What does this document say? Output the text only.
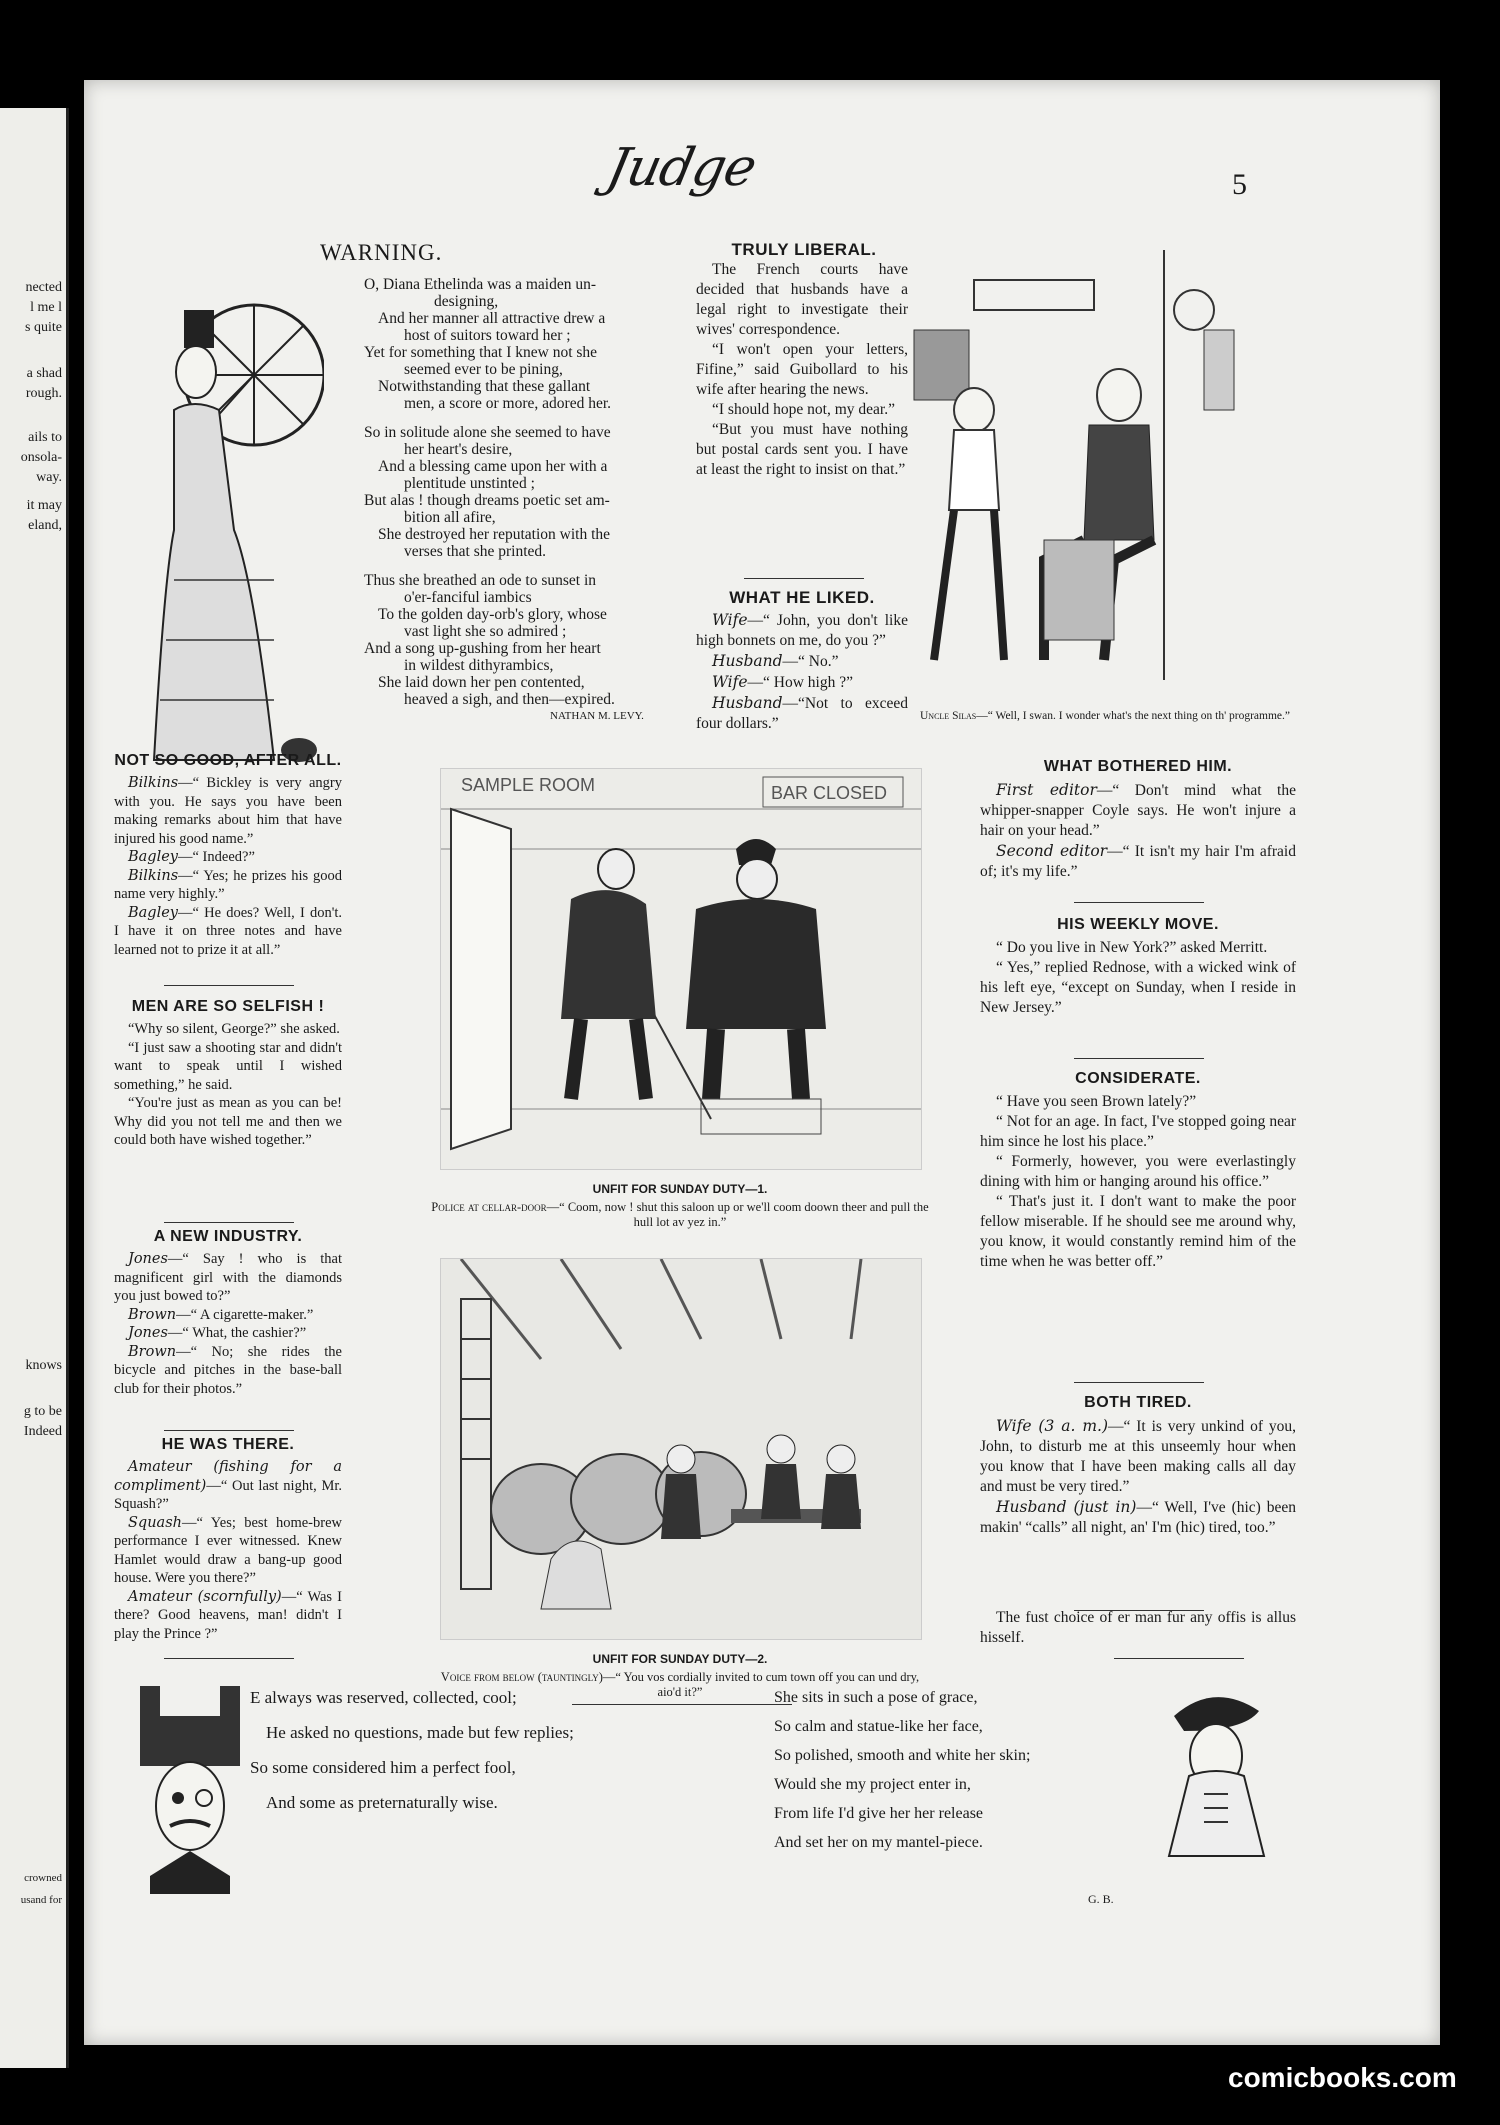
nected
l me l
s quite
a shad
rough.
ails to
onsola-
way.
it may
eland,
knows
g to be
Indeed
crowned
usand for
Judge	5
WARNING.
O, Diana Ethelinda was a maiden un-
designing,
And her manner all attractive drew a
host of suitors toward her ;
Yet for something that I knew not she
seemed ever to be pining,
Notwithstanding that these gallant
men, a score or more, adored her.
So in solitude alone she seemed to have
her heart's desire,
And a blessing came upon her with a
plentitude unstinted ;
But alas ! though dreams poetic set am-
bition all afire,
She destroyed her reputation with the
verses that she printed.
Thus she breathed an ode to sunset in
o'er-fanciful iambics
To the golden day-orb's glory, whose
vast light she so admired ;
And a song up-gushing from her heart
in wildest dithyrambics,
She laid down her pen contented,
heaved a sigh, and then—expired.
NATHAN M. LEVY.
TRULY LIBERAL.
The French courts have decided that husbands have a legal right to investigate their wives' correspondence.
“I won't open your letters, Fifine,” said Guibollard to his wife after hearing the news.
“I should hope not, my dear.”
“But you must have nothing but postal cards sent you. I have at least the right to insist on that.”
WHAT HE LIKED.
Wife—“ John, you don't like high bonnets on me, do you ?”
Husband—“ No.”
Wife—“ How high ?”
Husband—“Not to exceed four dollars.”	Uncle Silas—“ Well, I swan. I wonder what's the next thing on th' programme.”
NOT SO GOOD, AFTER ALL.
Bilkins—“ Bickley is very angry with you. He says you have been making remarks about him that have injured his good name.”
Bagley—“ Indeed?”
Bilkins—“ Yes; he prizes his good name very highly.”
Bagley—“ He does? Well, I don't. I have it on three notes and have learned not to prize it at all.”
MEN ARE SO SELFISH !
“Why so silent, George?” she asked.
“I just saw a shooting star and didn't want to speak until I wished something,” he said.
“You're just as mean as you can be! Why did you not tell me and then we could both have wished together.”
A NEW INDUSTRY.
Jones—“ Say ! who is that magnificent girl with the diamonds you just bowed to?”
Brown—“ A cigarette-maker.”
Jones—“ What, the cashier?”
Brown—“ No; she rides the bicycle and pitches in the base-ball club for their photos.”
HE WAS THERE.
Amateur (fishing for a compliment)—“ Out last night, Mr. Squash?”
Squash—“ Yes; best home-brew performance I ever witnessed. Knew Hamlet would draw a bang-up good house. Were you there?”
Amateur (scornfully)—“ Was I there? Good heavens, man! didn't I play the Prince ?”
SAMPLE ROOM	BAR CLOSED
UNFIT FOR SUNDAY DUTY—1.
Police at cellar-door—“ Coom, now ! shut this saloon up or we'll coom doown theer and pull the hull lot av yez in.”
UNFIT FOR SUNDAY DUTY—2.
Voice from below (tauntingly)—“ You vos cordially invited to cum town off you can und dry, aio'd it?”
WHAT BOTHERED HIM.
First editor—“ Don't mind what the whipper-snapper Coyle says. He won't injure a hair on your head.”
Second editor—“ It isn't my hair I'm afraid of; it's my life.”
HIS WEEKLY MOVE.
“ Do you live in New York?” asked Merritt.
“ Yes,” replied Rednose, with a wicked wink of his left eye, “except on Sunday, when I reside in New Jersey.”
CONSIDERATE.
“ Have you seen Brown lately?”
“ Not for an age. In fact, I've stopped going near him since he lost his place.”
“ Formerly, however, you were everlastingly dining with him or hanging around his office.”
“ That's just it. I don't want to make the poor fellow miserable. If he should see me around why, you know, it would constantly remind him of the time when he was better off.”
BOTH TIRED.
Wife (3 a. m.)—“ It is very unkind of you, John, to disturb me at this unseemly hour when you know that I have been making calls all day and must be very tired.”
Husband (just in)—“ Well, I've (hic) been makin' “calls” all night, an' I'm (hic) tired, too.”
The fust choice of er man fur any offis is allus hisself.
E always was reserved, collected, cool;
He asked no questions, made but few replies;
So some considered him a perfect fool,
And some as preternaturally wise.
She sits in such a pose of grace,
So calm and statue-like her face,
So polished, smooth and white her skin;
Would she my project enter in,
From life I'd give her her release
And set her on my mantel-piece.
G. B.
comicbooks.com
